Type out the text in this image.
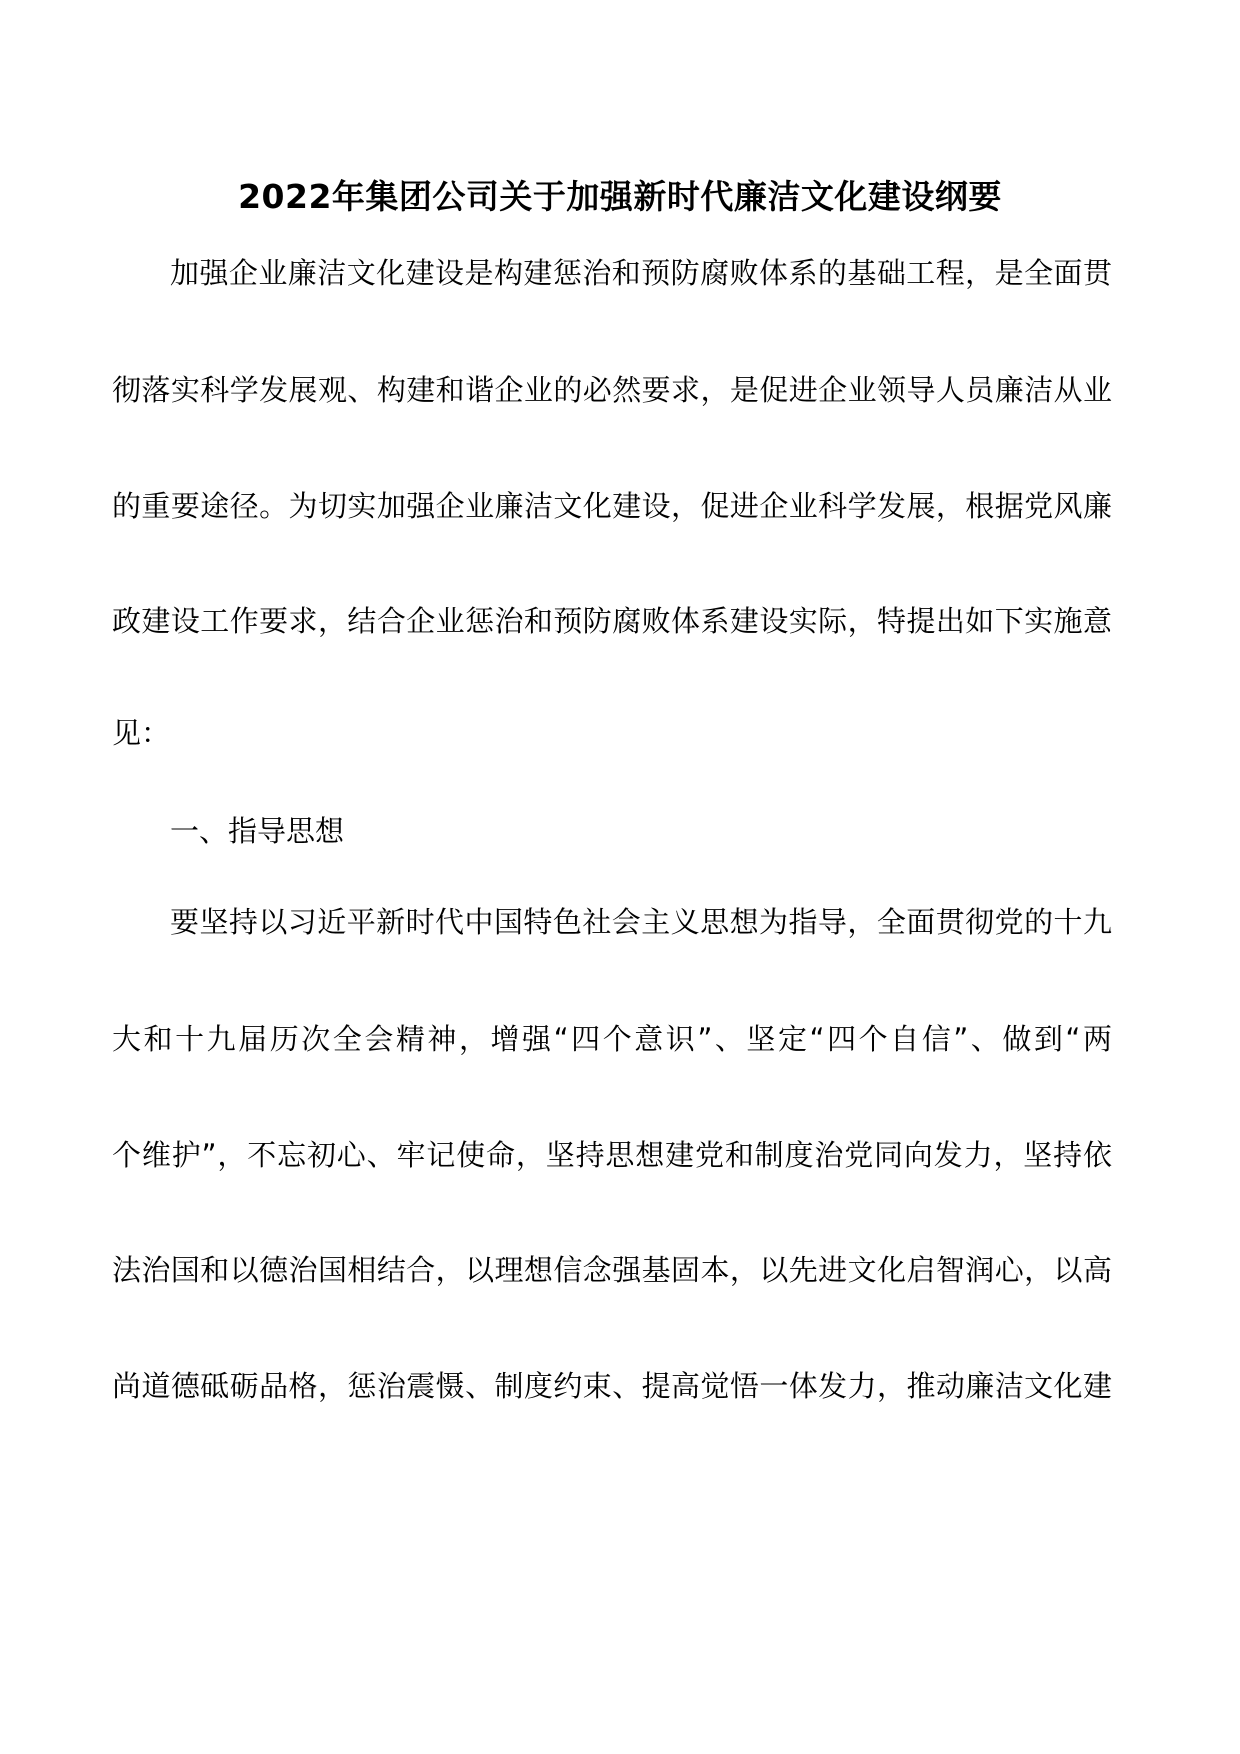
2022年集团公司关于加强新时代廉洁文化建设纲要
加强企业廉洁文化建设是构建惩治和预防腐败体系的基础工程，是全面贯
彻落实科学发展观、构建和谐企业的必然要求，是促进企业领导人员廉洁从业
的重要途径。为切实加强企业廉洁文化建设，促进企业科学发展，根据党风廉
政建设工作要求，结合企业惩治和预防腐败体系建设实际，特提出如下实施意
见：
一、指导思想
要坚持以习近平新时代中国特色社会主义思想为指导，全面贯彻党的十九
大和十九届历次全会精神，增强“四个意识”、坚定“四个自信”、做到“两
个维护”，不忘初心、牢记使命，坚持思想建党和制度治党同向发力，坚持依
法治国和以德治国相结合，以理想信念强基固本，以先进文化启智润心，以高
尚道德砥砺品格，惩治震慑、制度约束、提高觉悟一体发力，推动廉洁文化建
